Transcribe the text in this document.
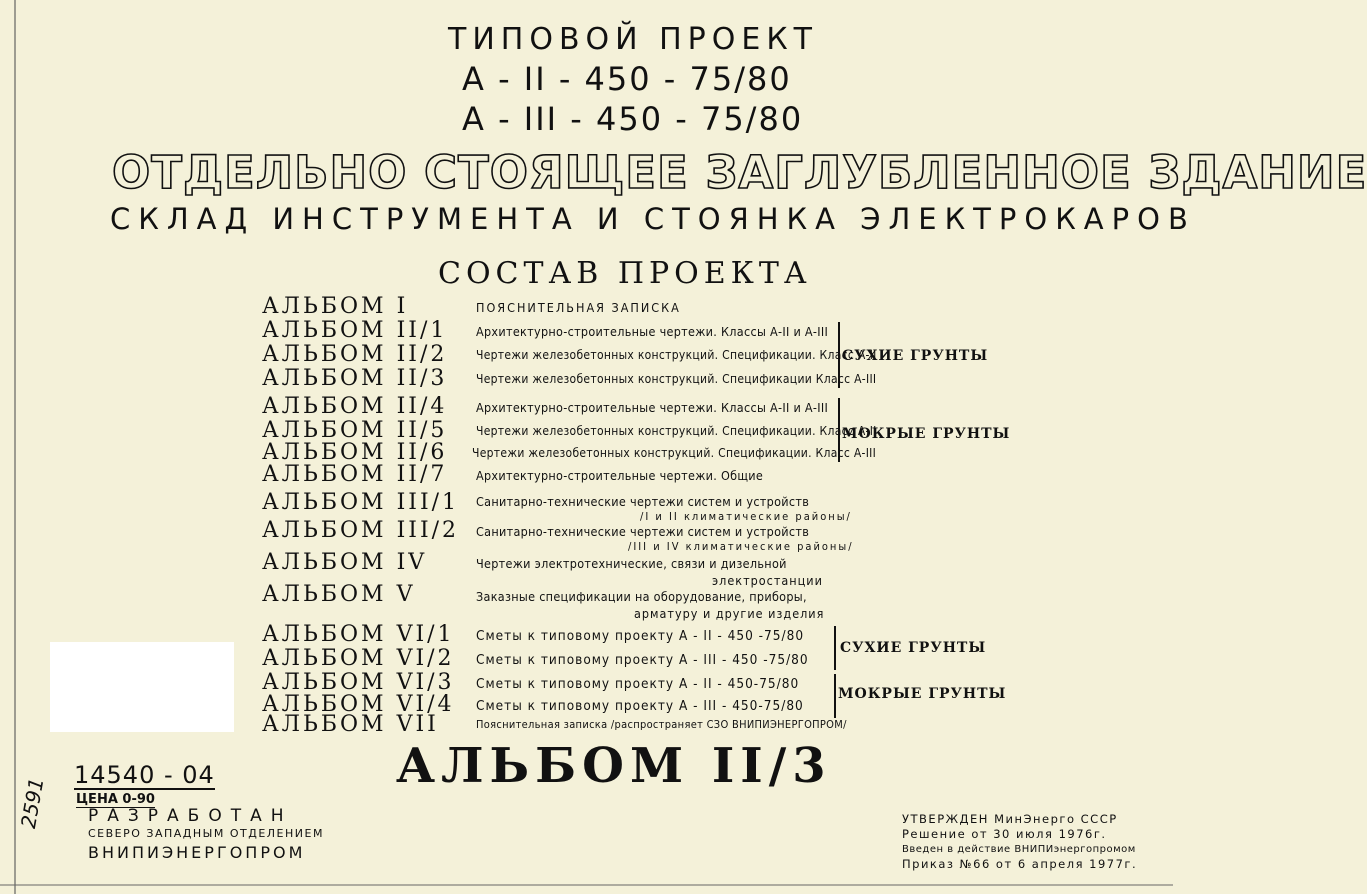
ТИПОВОЙ ПРОЕКТ
А - II - 450 - 75/80
А - III - 450 - 75/80
ОТДЕЛЬНО СТОЯЩЕЕ ЗАГЛУБЛЕННОЕ ЗДАНИЕ
СКЛАД ИНСТРУМЕНТА И СТОЯНКА ЭЛЕКТРОКАРОВ
СОСТАВ ПРОЕКТА
АЛЬБОМ I	ПОЯСНИТЕЛЬНАЯ ЗАПИСКА
АЛЬБОМ II/1 Архитектурно-строительные чертежи. Классы А-II и А-III
АЛЬБОМ II/2 Чертежи железобетонных конструкций. Спецификации. Класс А-II
АЛЬБОМ II/3 Чертежи железобетонных конструкций. Спецификации Класс А-III
АЛЬБОМ II/4 Архитектурно-строительные чертежи. Классы А-II и А-III
АЛЬБОМ II/5 Чертежи железобетонных конструкций. Спецификации. Класс А-II
АЛЬБОМ II/6 Чертежи железобетонных конструкций. Спецификации. Класс А-III
АЛЬБОМ II/7 Архитектурно-строительные чертежи. Общие
АЛЬБОМ III/1 Санитарно-технические чертежи систем и устройств
/I и II климатические районы/
АЛЬБОМ III/2 Санитарно-технические чертежи систем и устройств
/III и IV климатические районы/
АЛЬБОМ IV	Чертежи электротехнические, связи и дизельной
электростанции
АЛЬБОМ V	Заказные спецификации на оборудование, приборы,
арматуру и другие изделия
АЛЬБОМ VI/1 Сметы к типовому проекту А - II - 450 -75/80
АЛЬБОМ VI/2 Сметы к типовому проекту А - III - 450 -75/80
АЛЬБОМ VI/3 Сметы к типовому проекту А - II - 450-75/80
АЛЬБОМ VI/4 Сметы к типовому проекту А - III - 450-75/80
АЛЬБОМ VII	Пояснительная записка /распространяет СЗО ВНИПИЭНЕРГОПРОМ/
СУХИЕ ГРУНТЫ
МОКРЫЕ ГРУНТЫ
СУХИЕ ГРУНТЫ
МОКРЫЕ ГРУНТЫ
АЛЬБОМ II/3
14540 - 04
ЦЕНА 0-90
РАЗРАБОТАН
СЕВЕРО ЗАПАДНЫМ ОТДЕЛЕНИЕМ
ВНИПИЭНЕРГОПРОМ
2591	УТВЕРЖДЕН МинЭнерго СССР
Решение от 30 июля 1976г.
Введен в действие ВНИПИэнергопромом
Приказ №66 от 6 апреля 1977г.
